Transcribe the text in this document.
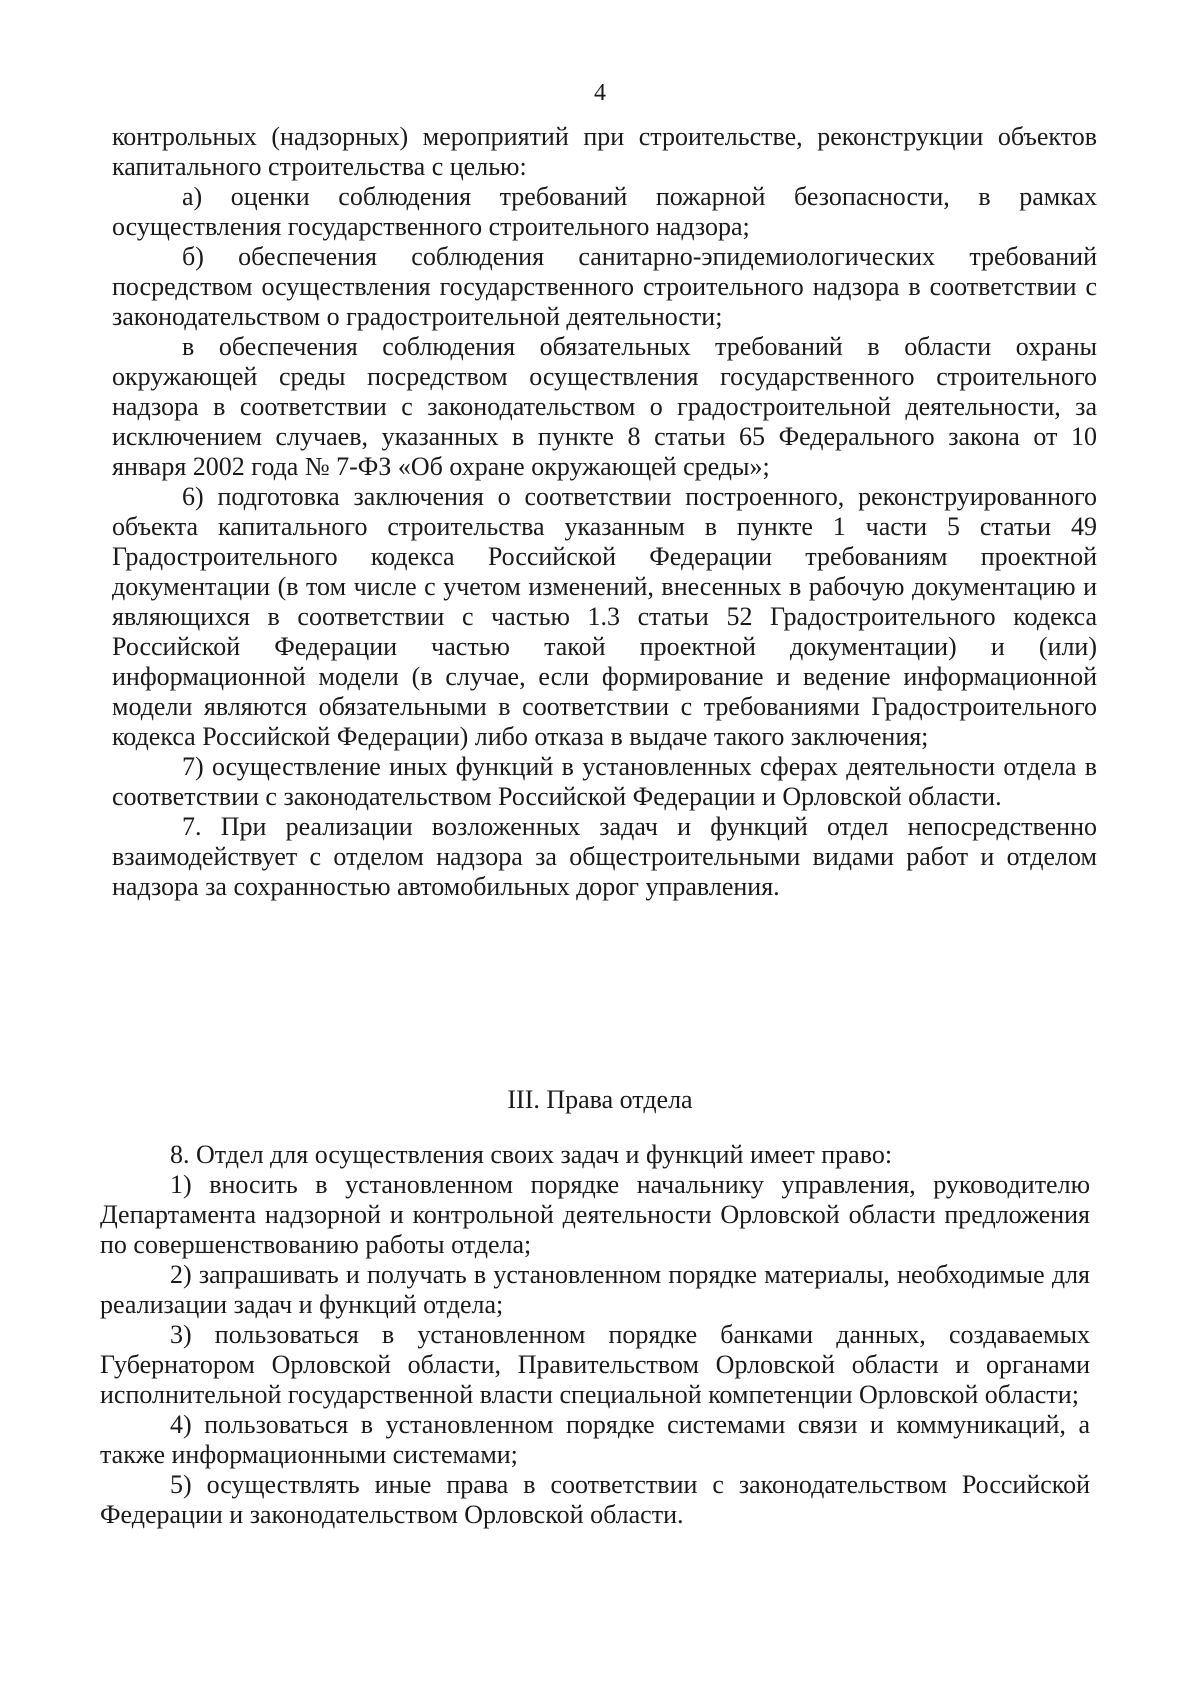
4

контрольных (надзорных) мероприятий при строительстве, реконструкции объектов капитального строительства с целью:

а) оценки соблюдения требований пожарной безопасности, в рамках осуществления государственного строительного надзора;

б) обеспечения соблюдения санитарно-эпидемиологических требований посредством осуществления государственного строительного надзора в соответствии с законодательством о градостроительной деятельности;

в обеспечения соблюдения обязательных требований в области охраны окружающей среды посредством осуществления государственного строительного надзора в соответствии с законодательством о градостроительной деятельности, за исключением случаев, указанных в пункте 8 статьи 65 Федерального закона от 10 января 2002 года № 7-ФЗ «Об охране окружающей среды»;

6) подготовка заключения о соответствии построенного, реконструированного объекта капитального строительства указанным в пункте 1 части 5 статьи 49 Градостроительного кодекса Российской Федерации требованиям проектной документации (в том числе с учетом изменений, внесенных в рабочую документацию и являющихся в соответствии с частью 1.3 статьи 52 Градостроительного кодекса Российской Федерации частью такой проектной документации) и (или) информационной модели (в случае, если формирование и ведение информационной модели являются обязательными в соответствии с требованиями Градостроительного кодекса Российской Федерации) либо отказа в выдаче такого заключения;

7) осуществление иных функций в установленных сферах деятельности отдела в соответствии с законодательством Российской Федерации и Орловской области.

7. При реализации возложенных задач и функций отдел непосредственно взаимодействует с отделом надзора за общестроительными видами работ и отделом надзора за сохранностью автомобильных дорог управления.

III. Права отдела

8. Отдел для осуществления своих задач и функций имеет право:

1) вносить в установленном порядке начальнику управления, руководителю Департамента надзорной и контрольной деятельности Орловской области предложения по совершенствованию работы отдела;

2) запрашивать и получать в установленном порядке материалы, необходимые для реализации задач и функций отдела;

3) пользоваться в установленном порядке банками данных, создаваемых Губернатором Орловской области, Правительством Орловской области и органами исполнительной государственной власти специальной компетенции Орловской области;

4) пользоваться в установленном порядке системами связи и коммуникаций, а также информационными системами;

5) осуществлять иные права в соответствии с законодательством Российской Федерации и законодательством Орловской области.
